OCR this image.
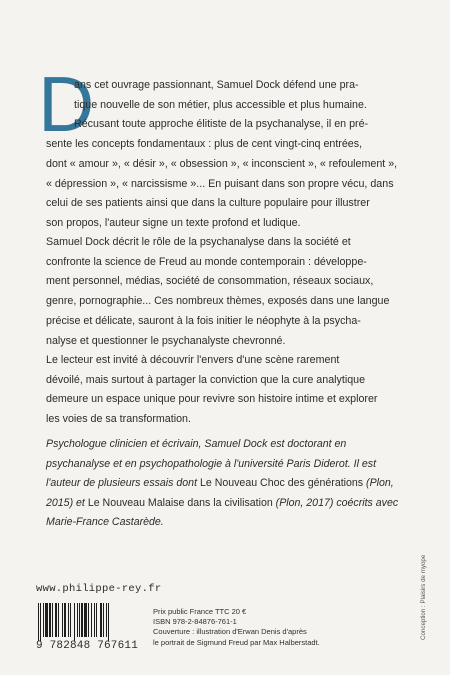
D
ans cet ouvrage passionnant, Samuel Dock défend une pra-
tique nouvelle de son métier, plus accessible et plus humaine.
Récusant toute approche élitiste de la psychanalyse, il en pré-
sente les concepts fondamentaux : plus de cent vingt-cinq entrées,
dont « amour », « désir », « obsession », « inconscient », « refoulement »,
« dépression », « narcissisme »... En puisant dans son propre vécu, dans
celui de ses patients ainsi que dans la culture populaire pour illustrer
son propos, l'auteur signe un texte profond et ludique.
Samuel Dock décrit le rôle de la psychanalyse dans la société et
confronte la science de Freud au monde contemporain : développe-
ment personnel, médias, société de consommation, réseaux sociaux,
genre, pornographie... Ces nombreux thèmes, exposés dans une langue
précise et délicate, sauront à la fois initier le néophyte à la psycha-
nalyse et questionner le psychanalyste chevronné.
Le lecteur est invité à découvrir l'envers d'une scène rarement
dévoilé, mais surtout à partager la conviction que la cure analytique
demeure un espace unique pour revivre son histoire intime et explorer
les voies de sa transformation.
Psychologue clinicien et écrivain, Samuel Dock est doctorant en
psychanalyse et en psychopathologie à l'université Paris Diderot. Il est
l'auteur de plusieurs essais dont Le Nouveau Choc des générations (Plon,
2015) et Le Nouveau Malaise dans la civilisation (Plon, 2017) coécrits avec
Marie-France Castarède.
www.philippe-rey.fr
9 782848 767611
Prix public France TTC 20 €
ISBN 978-2-84876-761-1
Couverture : illustration d'Erwan Denis d'après
le portrait de Sigmund Freud par Max Halberstadt.
Conception : Plaisirs de myope
